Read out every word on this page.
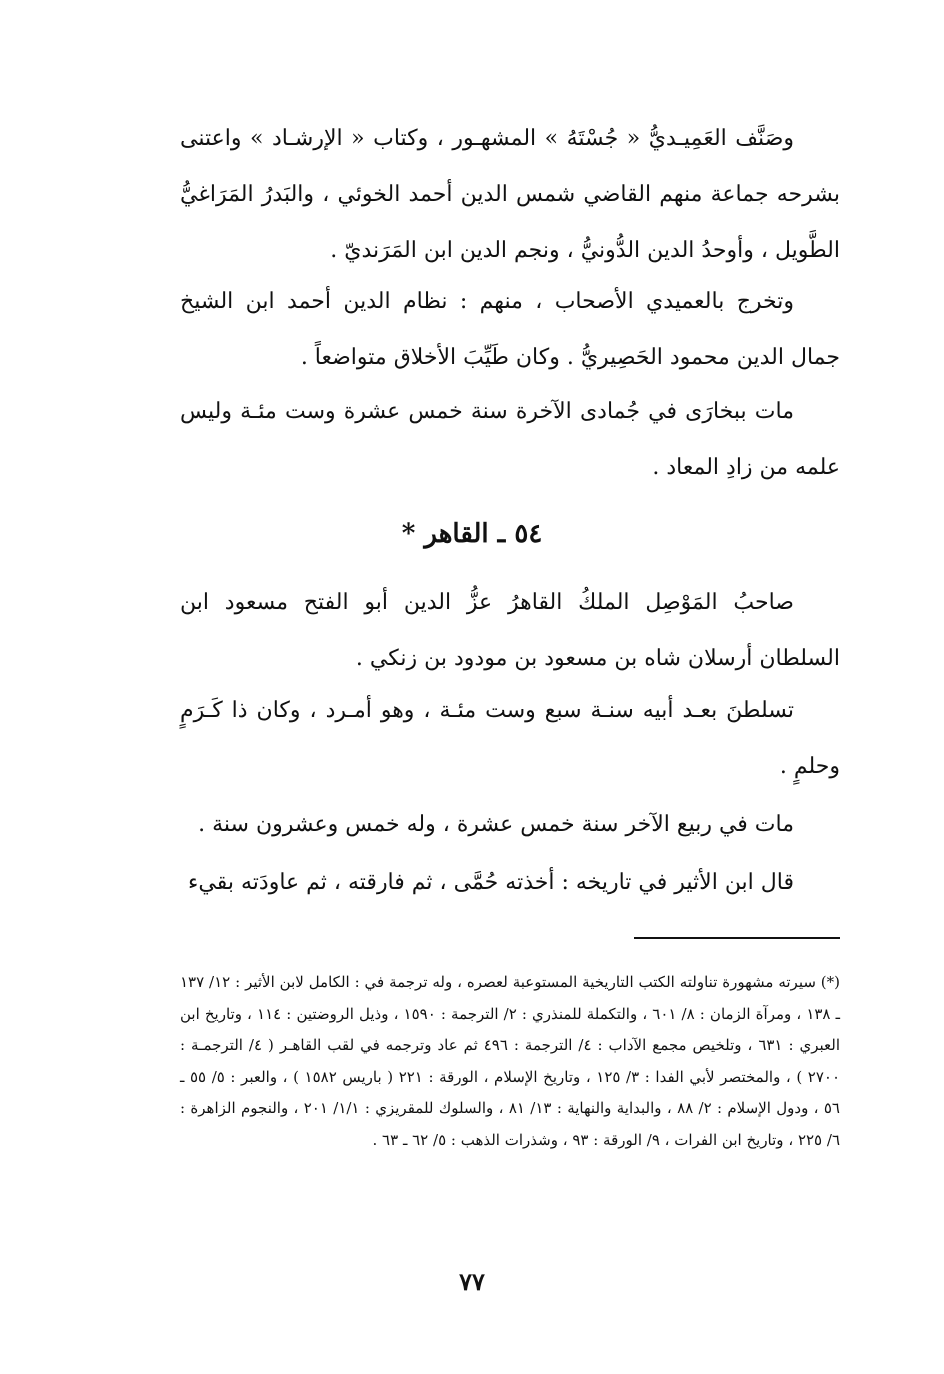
وصَنَّف العَمِيـديُّ « جُسْتَهُ » المشهـور ، وكتاب « الإرشـاد » واعتنى بشرحه جماعة منهم القاضي شمس الدين أحمد الخوئي ، والبَدرُ المَرَاغيُّ الطَّويل ، وأوحدُ الدين الدُّونيُّ ، ونجم الدين ابن المَرَنديّ .

وتخرج بالعميدي الأصحاب ، منهم : نظام الدين أحمد ابن الشيخ جمال الدين محمود الحَصِيريُّ . وكان طَيِّبَ الأخلاق متواضعاً .

مات ببخارَى في جُمادى الآخرة سنة خمس عشرة وست مئـة وليس علمه من زادِ المعاد .

٥٤ ـ القاهر *

صاحبُ المَوْصِل الملكُ القاهرُ عزُّ الدين أبو الفتح مسعود ابن السلطان أرسلان شاه بن مسعود بن مودود بن زنكي .

تسلطنَ بعـد أبيه سنـة سبع وست مئـة ، وهو أمـرد ، وكان ذا كَـرَمٍ وحلمٍ .

مات في ربيع الآخر سنة خمس عشرة ، وله خمس وعشرون سنة .

قال ابن الأثير في تاريخه : أخذته حُمَّى ، ثم فارقته ، ثم عاودَته بقيء

(*) سيرته مشهورة تناولته الكتب التاريخية المستوعبة لعصره ، وله ترجمة في : الكامل لابن الأثير : ١٢/ ١٣٧ ـ ١٣٨ ، ومرآة الزمان : ٨/ ٦٠١ ، والتكملة للمنذري : ٢/ الترجمة : ١٥٩٠ ، وذيل الروضتين : ١١٤ ، وتاريخ ابن العبري : ٦٣١ ، وتلخيص مجمع الآداب : ٤/ الترجمة : ٤٩٦ ثم عاد وترجمه في لقب القاهـر ( ٤/ الترجمـة : ٢٧٠٠ ) ، والمختصر لأبي الفدا : ٣/ ١٢٥ ، وتاريخ الإسلام ، الورقة : ٢٢١ ( باريس ١٥٨٢ ) ، والعبر : ٥/ ٥٥ ـ ٥٦ ، ودول الإسلام : ٢/ ٨٨ ، والبداية والنهاية : ١٣/ ٨١ ، والسلوك للمقريزي : ١/١/ ٢٠١ ، والنجوم الزاهرة : ٦/ ٢٢٥ ، وتاريخ ابن الفرات ، ٩/ الورقة : ٩٣ ، وشذرات الذهب : ٥/ ٦٢ ـ ٦٣ .

٧٧
